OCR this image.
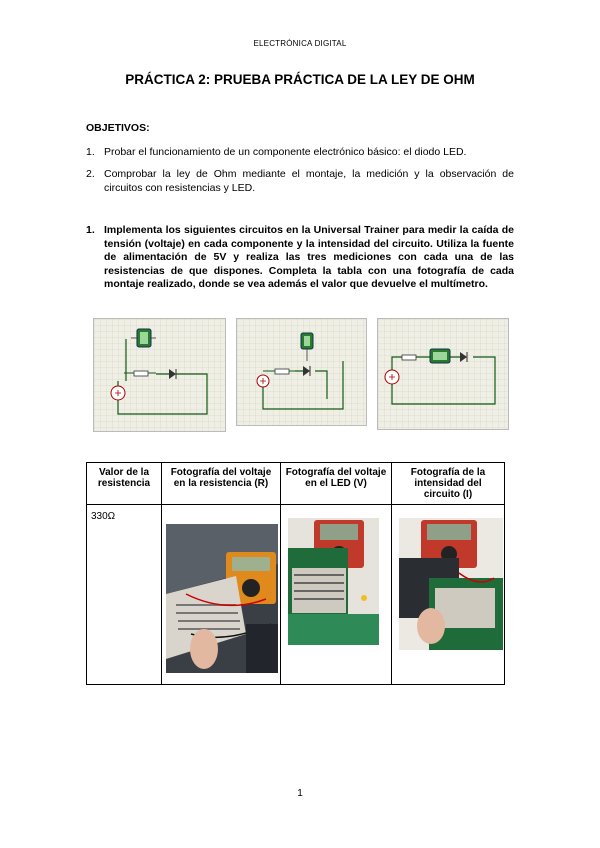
ELECTRÓNICA DIGITAL
PRÁCTICA 2: PRUEBA PRÁCTICA DE LA LEY DE OHM
OBJETIVOS:
1. Probar el funcionamiento de un componente electrónico básico: el diodo LED.
2. Comprobar la ley de Ohm mediante el montaje, la medición y la observación de circuitos con resistencias y LED.
1. Implementa los siguientes circuitos en la Universal Trainer para medir la caída de tensión (voltaje) en cada componente y la intensidad del circuito. Utiliza la fuente de alimentación de 5V y realiza las tres mediciones con cada una de las resistencias de que dispones. Completa la tabla con una fotografía de cada montaje realizado, donde se vea además el valor que devuelve el multímetro.
Valor de la resistencia	Fotografía del voltaje en la resistencia (R)	Fotografía del voltaje en el LED (V)	Fotografía de la intensidad del circuito (I)

330Ω

1
